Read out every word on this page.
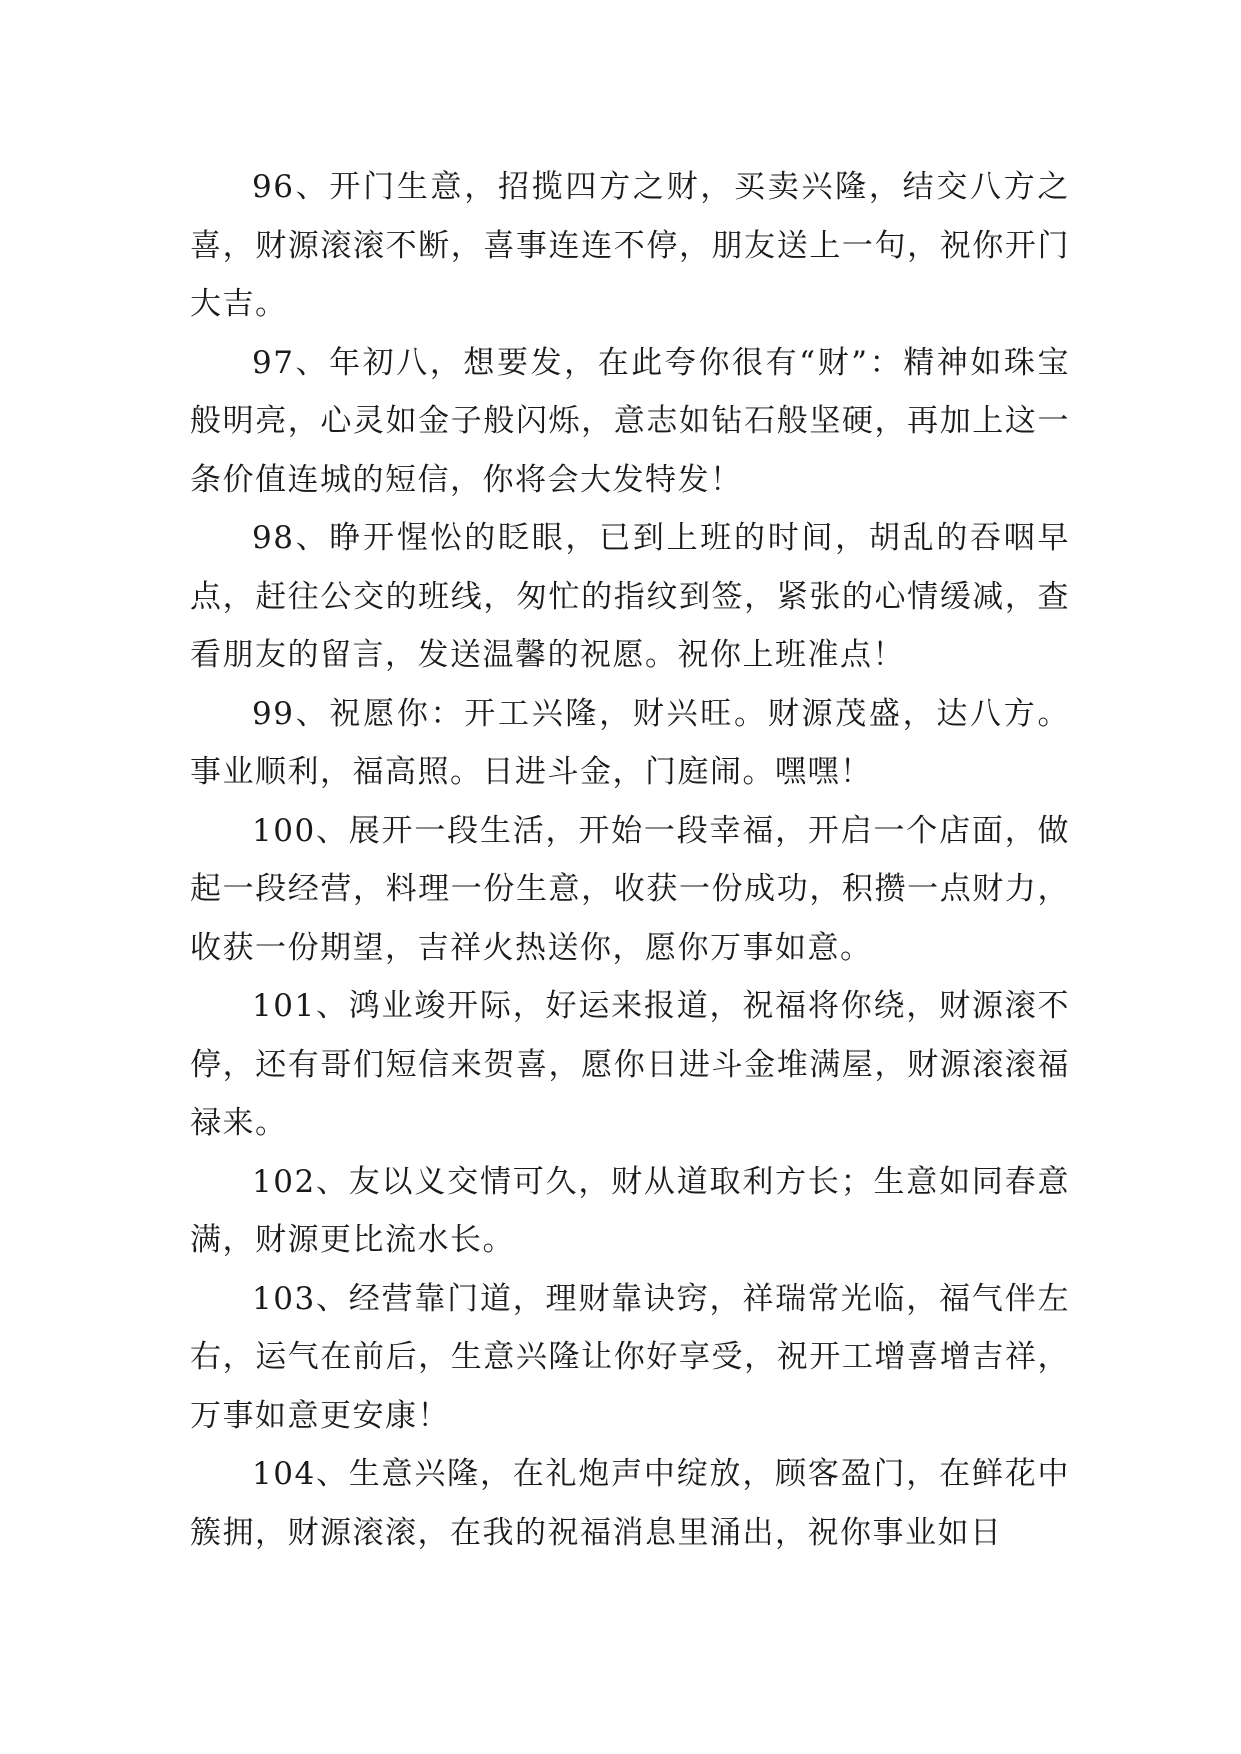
96、开门生意，招揽四方之财，买卖兴隆，结交八方之喜，财源滚滚不断，喜事连连不停，朋友送上一句，祝你开门大吉。

97、年初八，想要发，在此夸你很有“财”：精神如珠宝般明亮，心灵如金子般闪烁，意志如钻石般坚硬，再加上这一条价值连城的短信，你将会大发特发！

98、睁开惺忪的眨眼，已到上班的时间，胡乱的吞咽早点，赶往公交的班线，匆忙的指纹到签，紧张的心情缓减，查看朋友的留言，发送温馨的祝愿。祝你上班准点！

99、祝愿你：开工兴隆，财兴旺。财源茂盛，达八方。事业顺利，福高照。日进斗金，门庭闹。嘿嘿！

100、展开一段生活，开始一段幸福，开启一个店面，做起一段经营，料理一份生意，收获一份成功，积攒一点财力，收获一份期望，吉祥火热送你，愿你万事如意。

101、鸿业竣开际，好运来报道，祝福将你绕，财源滚不停，还有哥们短信来贺喜，愿你日进斗金堆满屋，财源滚滚福禄来。

102、友以义交情可久，财从道取利方长；生意如同春意满，财源更比流水长。

103、经营靠门道，理财靠诀窍，祥瑞常光临，福气伴左右，运气在前后，生意兴隆让你好享受，祝开工增喜增吉祥，万事如意更安康！

104、生意兴隆，在礼炮声中绽放，顾客盈门，在鲜花中簇拥，财源滚滚，在我的祝福消息里涌出，祝你事业如日
